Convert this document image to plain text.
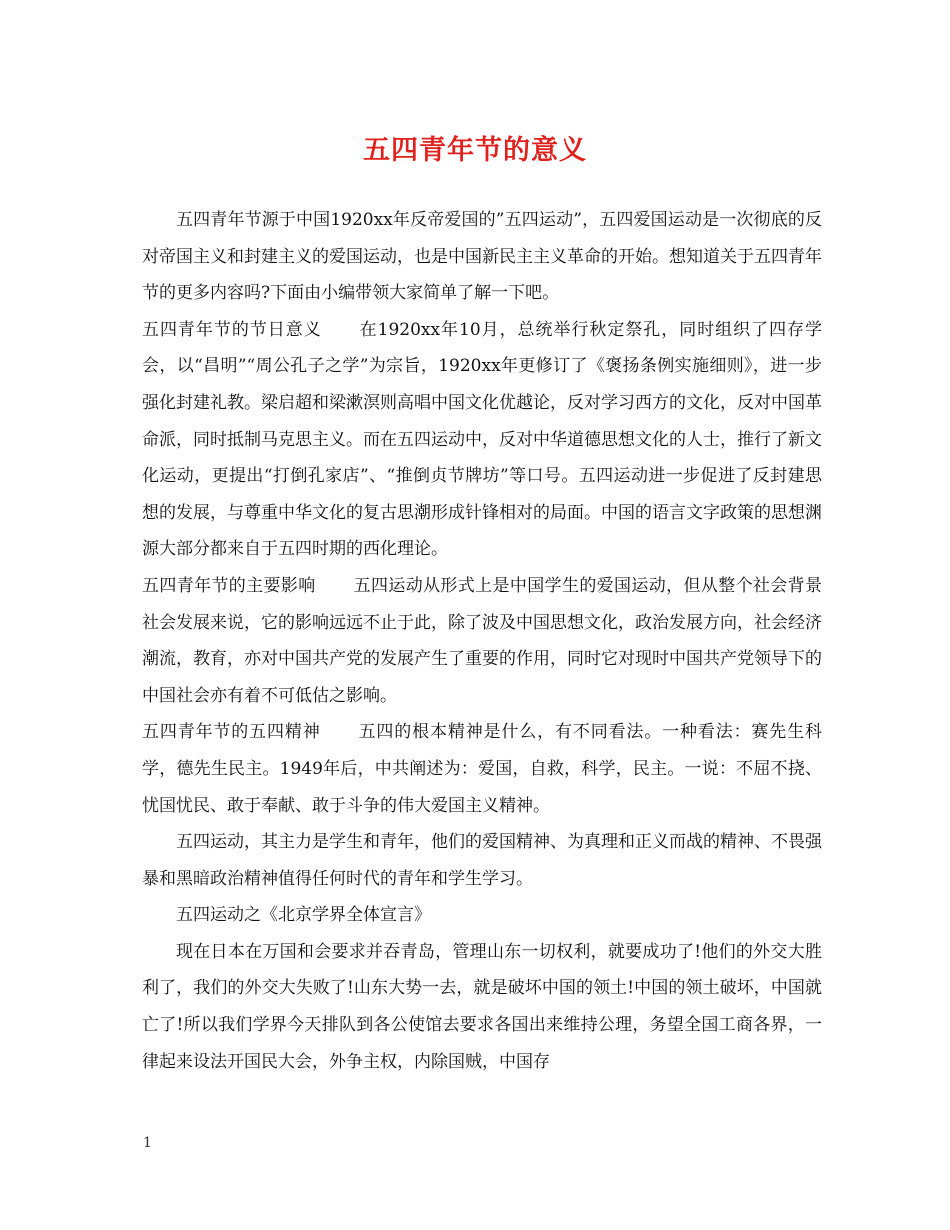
五四青年节的意义

五四青年节源于中国1920xx年反帝爱国的”五四运动”，五四爱国运动是一次彻底的反对帝国主义和封建主义的爱国运动，也是中国新民主主义革命的开始。想知道关于五四青年节的更多内容吗?下面由小编带领大家简单了解一下吧。

五四青年节的节日意义 在1920xx年10月，总统举行秋定祭孔，同时组织了四存学会，以“昌明”“周公孔子之学”为宗旨，1920xx年更修订了《褒扬条例实施细则》，进一步强化封建礼教。梁启超和梁漱溟则高唱中国文化优越论，反对学习西方的文化，反对中国革命派，同时抵制马克思主义。而在五四运动中，反对中华道德思想文化的人士，推行了新文化运动，更提出“打倒孔家店”、“推倒贞节牌坊”等口号。五四运动进一步促进了反封建思想的发展，与尊重中华文化的复古思潮形成针锋相对的局面。中国的语言文字政策的思想渊源大部分都来自于五四时期的西化理论。

五四青年节的主要影响 五四运动从形式上是中国学生的爱国运动，但从整个社会背景社会发展来说，它的影响远远不止于此，除了波及中国思想文化，政治发展方向，社会经济潮流，教育，亦对中国共产党的发展产生了重要的作用，同时它对现时中国共产党领导下的中国社会亦有着不可低估之影响。

五四青年节的五四精神 五四的根本精神是什么，有不同看法。一种看法：赛先生科学，德先生民主。1949年后，中共阐述为：爱国，自救，科学，民主。一说：不屈不挠、忧国忧民、敢于奉献、敢于斗争的伟大爱国主义精神。

五四运动，其主力是学生和青年，他们的爱国精神、为真理和正义而战的精神、不畏强暴和黑暗政治精神值得任何时代的青年和学生学习。

五四运动之《北京学界全体宣言》

现在日本在万国和会要求并吞青岛，管理山东一切权利，就要成功了!他们的外交大胜利了，我们的外交大失败了!山东大势一去，就是破坏中国的领土!中国的领土破坏，中国就亡了!所以我们学界今天排队到各公使馆去要求各国出来维持公理，务望全国工商各界，一律起来设法开国民大会，外争主权，内除国贼，中国存

1
